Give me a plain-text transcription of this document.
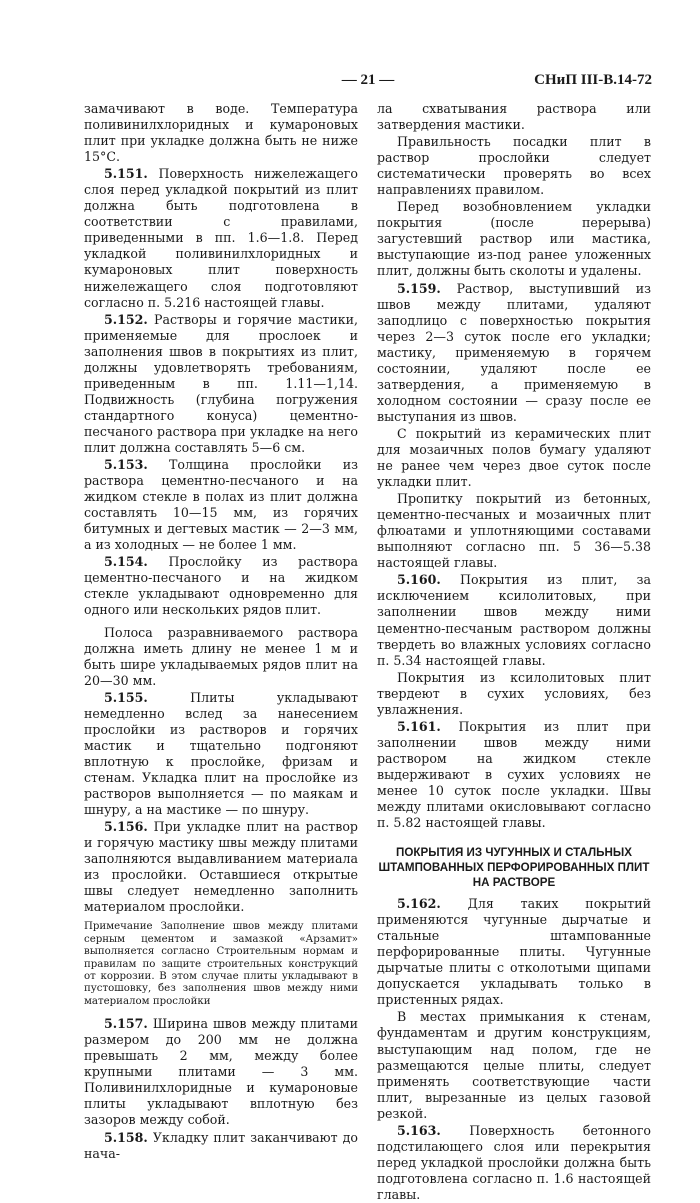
— 21 —	СНиП III-В.14-72

замачивают в воде. Температура поливинилхлоридных и кумароновых плит при укладке должна быть не ниже 15°С.

5.151. Поверхность нижележащего слоя перед укладкой покрытий из плит должна быть подготовлена в соответствии с правилами, приведенными в пп. 1.6—1.8. Перед укладкой поливинилхлоридных и кумароновых плит поверхность нижележащего слоя подготовляют согласно п. 5.216 настоящей главы.

5.152. Растворы и горячие мастики, применяемые для прослоек и заполнения швов в покрытиях из плит, должны удовлетворять требованиям, приведенным в пп. 1.11—1,14. Подвижность (глубина погружения стандартного конуса) цементно-песчаного раствора при укладке на него плит должна составлять 5—6 см.

5.153. Толщина прослойки из раствора цементно-песчаного и на жидком стекле в полах из плит должна составлять 10—15 мм, из горячих битумных и дегтевых мастик — 2—3 мм, а из холодных — не более 1 мм.

5.154. Прослойку из раствора цементно-песчаного и на жидком стекле укладывают одновременно для одного или нескольких рядов плит.

Полоса разравниваемого раствора должна иметь длину не менее 1 м и быть шире укладываемых рядов плит на 20—30 мм.

5.155. Плиты укладывают немедленно вслед за нанесением прослойки из растворов и горячих мастик и тщательно подгоняют вплотную к прослойке, фризам и стенам. Укладка плит на прослойке из растворов выполняется — по маякам и шнуру, а на мастике — по шнуру.

5.156. При укладке плит на раствор и горячую мастику швы между плитами заполняются выдавливанием материала из прослойки. Оставшиеся открытые швы следует немедленно заполнить материалом прослойки.

Примечание Заполнение швов между плитами серным цементом и замазкой «Арзамит» выполняется согласно Строительным нормам и правилам по защите строительных конструкций от коррозии. В этом случае плиты укладывают в пустошовку, без заполнения швов между ними материалом прослойки

5.157. Ширина швов между плитами размером до 200 мм не должна превышать 2 мм, между более крупными плитами — 3 мм. Поливинилхлоридные и кумароновые плиты укладывают вплотную без зазоров между собой.

5.158. Укладку плит заканчивают до нача-

ла схватывания раствора или затвердения мастики.

Правильность посадки плит в раствор прослойки следует систематически проверять во всех направлениях правилом.

Перед возобновлением укладки покрытия (после перерыва) загустевший раствор или мастика, выступающие из-под ранее уложенных плит, должны быть сколоты и удалены.

5.159. Раствор, выступивший из швов между плитами, удаляют заподлицо с поверхностью покрытия через 2—3 суток после его укладки; мастику, применяемую в горячем состоянии, удаляют после ее затвердения, а применяемую в холодном состоянии — сразу после ее выступания из швов.

С покрытий из керамических плит для мозаичных полов бумагу удаляют не ранее чем через двое суток после укладки плит.

Пропитку покрытий из бетонных, цементно-песчаных и мозаичных плит флюатами и уплотняющими составами выполняют согласно пп. 5 36—5.38 настоящей главы.

5.160. Покрытия из плит, за исключением ксилолитовых, при заполнении швов между ними цементно-песчаным раствором должны твердеть во влажных условиях согласно п. 5.34 настоящей главы.

Покрытия из ксилолитовых плит твердеют в сухих условиях, без увлажнения.

5.161. Покрытия из плит при заполнении швов между ними раствором на жидком стекле выдерживают в сухих условиях не менее 10 суток после укладки. Швы между плитами окисловывают согласно п. 5.82 настоящей главы.

ПОКРЫТИЯ ИЗ ЧУГУННЫХ И СТАЛЬНЫХ ШТАМПОВАННЫХ ПЕРФОРИРОВАННЫХ ПЛИТ НА РАСТВОРЕ

5.162. Для таких покрытий применяются чугунные дырчатые и стальные штампованные перфорированные плиты. Чугунные дырчатые плиты с отколотыми щипами допускается укладывать только в пристенных рядах.

В местах примыкания к стенам, фундаментам и другим конструкциям, выступающим над полом, где не размещаются целые плиты, следует применять соответствующие части плит, вырезанные из целых газовой резкой.

5.163. Поверхность бетонного подстилающего слоя или перекрытия перед укладкой прослойки должна быть подготовлена согласно п. 1.6 настоящей главы.
